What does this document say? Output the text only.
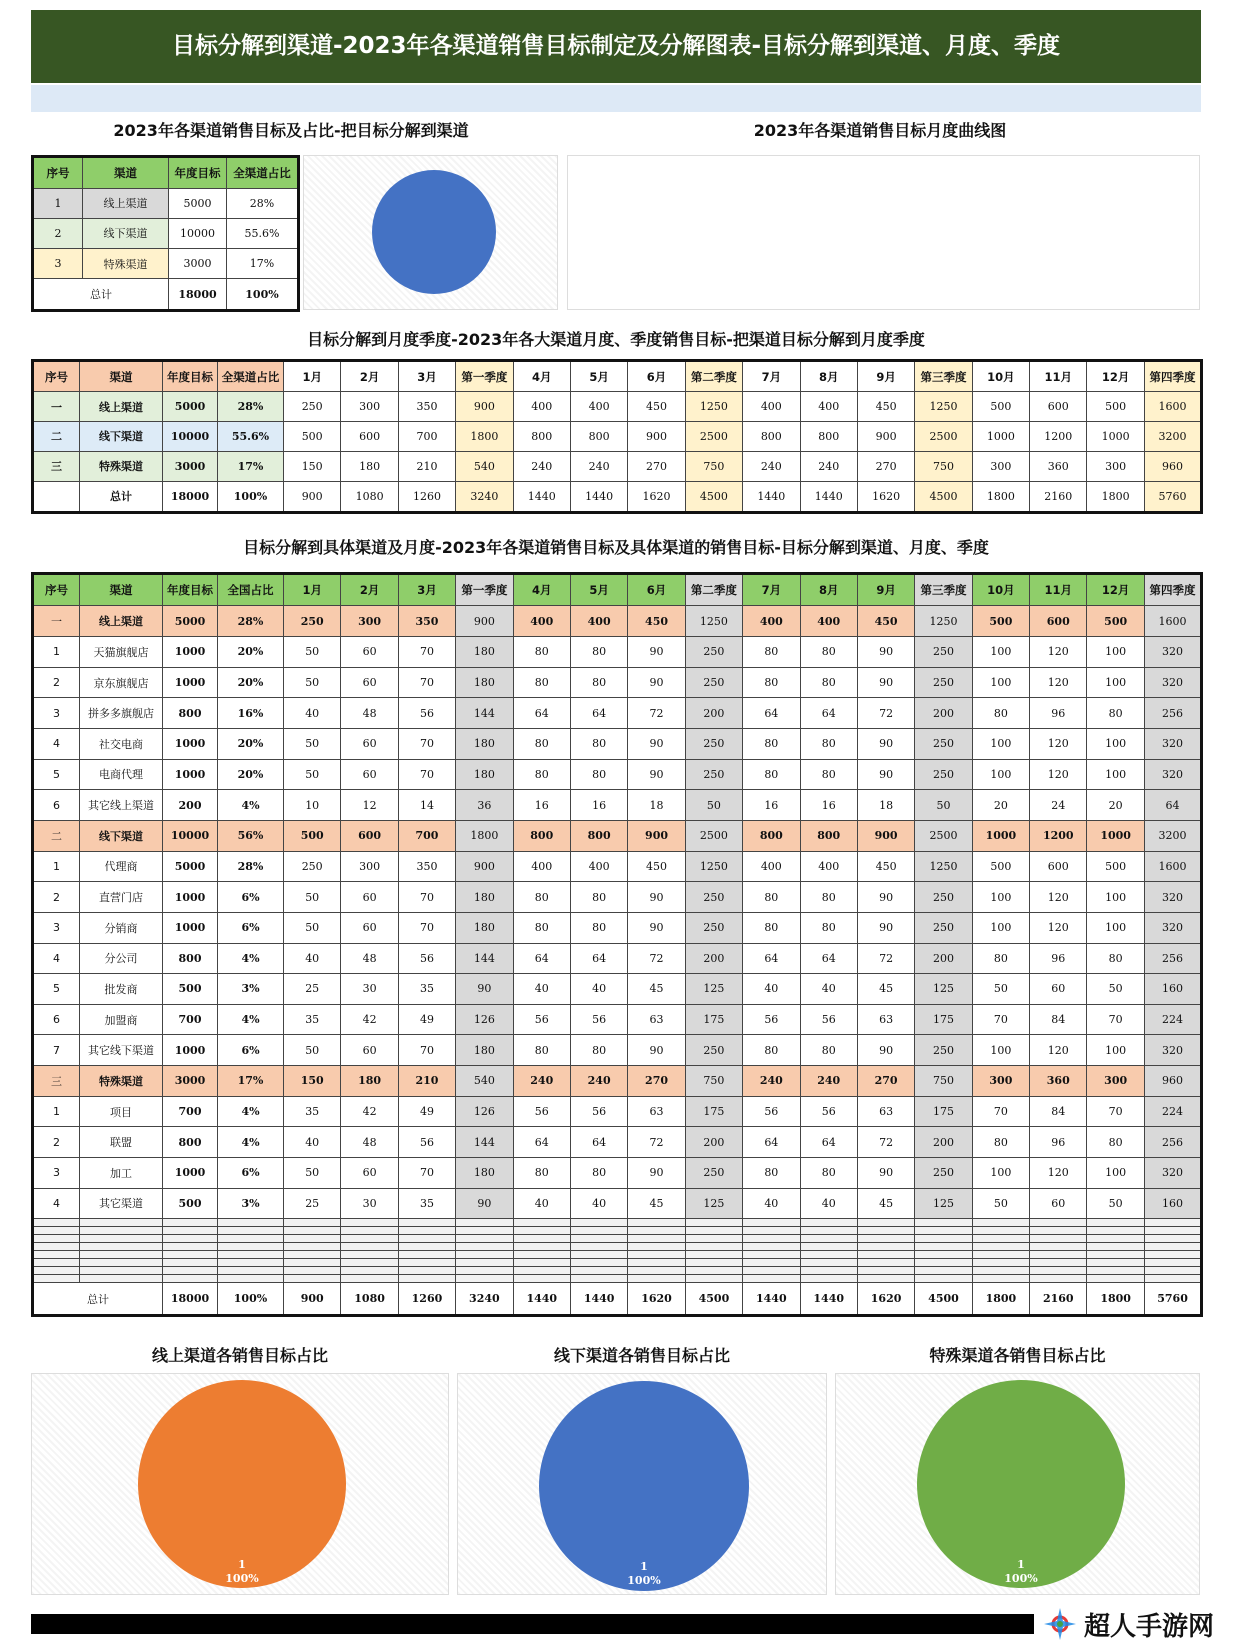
目标分解到渠道-2023年各渠道销售目标制定及分解图表-目标分解到渠道、月度、季度
2023年各渠道销售目标及占比-把目标分解到渠道	2023年各渠道销售目标月度曲线图
序号	渠道	年度目标	全渠道占比
1	线上渠道	5000	28%
2	线下渠道	10000	55.6%
3	特殊渠道	3000	17%
总计		18000	100%
目标分解到月度季度-2023年各大渠道月度、季度销售目标-把渠道目标分解到月度季度
序号	渠道	年度目标	全渠道占比	1月	2月	3月	第一季度	4月	5月	6月	第二季度	7月	8月	9月	第三季度	10月	11月	12月	第四季度
一	线上渠道	5000	28%	250	300	350	900	400	400	450	1250	400	400	450	1250	500	600	500	1600
二	线下渠道	10000	55.6%	500	600	700	1800	800	800	900	2500	800	800	900	2500	1000	1200	1000	3200
三	特殊渠道	3000	17%	150	180	210	540	240	240	270	750	240	240	270	750	300	360	300	960
	总计	18000	100%	900	1080	1260	3240	1440	1440	1620	4500	1440	1440	1620	4500	1800	2160	1800	5760
目标分解到具体渠道及月度-2023年各渠道销售目标及具体渠道的销售目标-目标分解到渠道、月度、季度
序号	渠道	年度目标	全国占比	1月	2月	3月	第一季度	4月	5月	6月	第二季度	7月	8月	9月	第三季度	10月	11月	12月	第四季度
一	线上渠道	5000	28%	250	300	350	900	400	400	450	1250	400	400	450	1250	500	600	500	1600
1	天猫旗舰店	1000	20%	50	60	70	180	80	80	90	250	80	80	90	250	100	120	100	320
2	京东旗舰店	1000	20%	50	60	70	180	80	80	90	250	80	80	90	250	100	120	100	320
3	拼多多旗舰店	800	16%	40	48	56	144	64	64	72	200	64	64	72	200	80	96	80	256
4	社交电商	1000	20%	50	60	70	180	80	80	90	250	80	80	90	250	100	120	100	320
5	电商代理	1000	20%	50	60	70	180	80	80	90	250	80	80	90	250	100	120	100	320
6	其它线上渠道	200	4%	10	12	14	36	16	16	18	50	16	16	18	50	20	24	20	64
二	线下渠道	10000	56%	500	600	700	1800	800	800	900	2500	800	800	900	2500	1000	1200	1000	3200
1	代理商	5000	28%	250	300	350	900	400	400	450	1250	400	400	450	1250	500	600	500	1600
2	直营门店	1000	6%	50	60	70	180	80	80	90	250	80	80	90	250	100	120	100	320
3	分销商	1000	6%	50	60	70	180	80	80	90	250	80	80	90	250	100	120	100	320
4	分公司	800	4%	40	48	56	144	64	64	72	200	64	64	72	200	80	96	80	256
5	批发商	500	3%	25	30	35	90	40	40	45	125	40	40	45	125	50	60	50	160
6	加盟商	700	4%	35	42	49	126	56	56	63	175	56	56	63	175	70	84	70	224
7	其它线下渠道	1000	6%	50	60	70	180	80	80	90	250	80	80	90	250	100	120	100	320
三	特殊渠道	3000	17%	150	180	210	540	240	240	270	750	240	240	270	750	300	360	300	960
1	项目	700	4%	35	42	49	126	56	56	63	175	56	56	63	175	70	84	70	224
2	联盟	800	4%	40	48	56	144	64	64	72	200	64	64	72	200	80	96	80	256
3	加工	1000	6%	50	60	70	180	80	80	90	250	80	80	90	250	100	120	100	320
4	其它渠道	500	3%	25	30	35	90	40	40	45	125	40	40	45	125	50	60	50	160

总计		18000	100%	900	1080	1260	3240	1440	1440	1620	4500	1440	1440	1620	4500	1800	2160	1800	5760
线上渠道各销售目标占比	线下渠道各销售目标占比	特殊渠道各销售目标占比
1
100%
1
100%
1
100%
超人手游网
